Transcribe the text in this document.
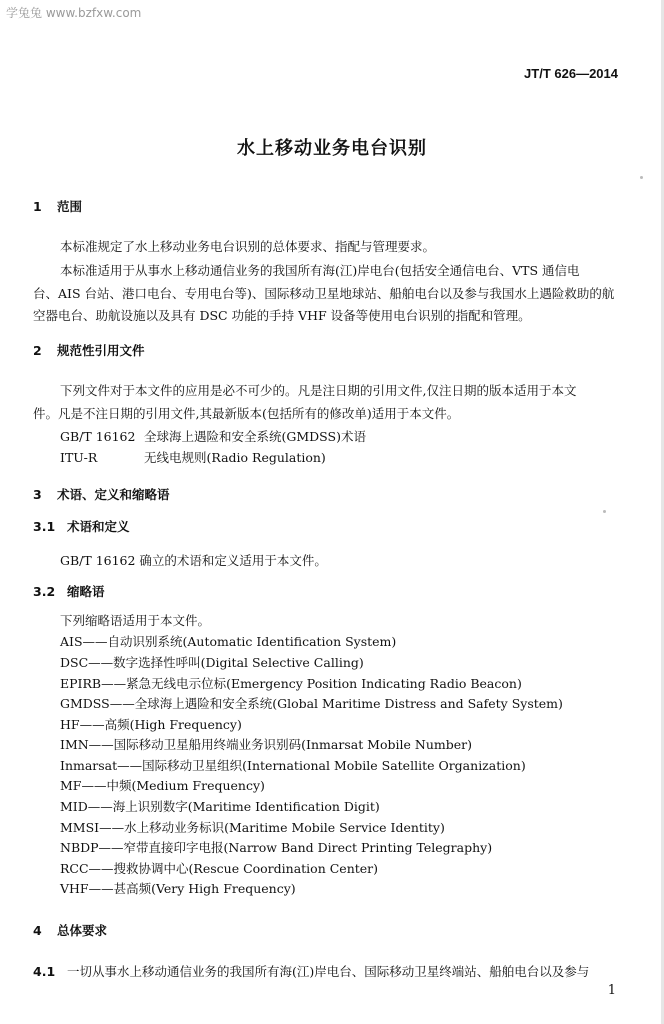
学兔兔 www.bzfxw.com
JT/T 626—2014
水上移动业务电台识别
1 范围
本标准规定了水上移动业务电台识别的总体要求、指配与管理要求。
本标准适用于从事水上移动通信业务的我国所有海(江)岸电台(包括安全通信电台、VTS 通信电
台、AIS 台站、港口电台、专用电台等)、国际移动卫星地球站、船舶电台以及参与我国水上遇险救助的航
空器电台、助航设施以及具有 DSC 功能的手持 VHF 设备等使用电台识别的指配和管理。
2 规范性引用文件
下列文件对于本文件的应用是必不可少的。凡是注日期的引用文件,仅注日期的版本适用于本文
件。凡是不注日期的引用文件,其最新版本(包括所有的修改单)适用于本文件。
GB/T 16162 全球海上遇险和安全系统(GMDSS)术语
ITU-R	无线电规则(Radio Regulation)
3 术语、定义和缩略语
3.1 术语和定义
GB/T 16162 确立的术语和定义适用于本文件。
3.2 缩略语
下列缩略语适用于本文件。
AIS——自动识别系统(Automatic Identification System)
DSC——数字选择性呼叫(Digital Selective Calling)
EPIRB——紧急无线电示位标(Emergency Position Indicating Radio Beacon)
GMDSS——全球海上遇险和安全系统(Global Maritime Distress and Safety System)
HF——高频(High Frequency)
IMN——国际移动卫星船用终端业务识别码(Inmarsat Mobile Number)
Inmarsat——国际移动卫星组织(International Mobile Satellite Organization)
MF——中频(Medium Frequency)
MID——海上识别数字(Maritime Identification Digit)
MMSI——水上移动业务标识(Maritime Mobile Service Identity)
NBDP——窄带直接印字电报(Narrow Band Direct Printing Telegraphy)
RCC——搜救协调中心(Rescue Coordination Center)
VHF——甚高频(Very High Frequency)
4 总体要求
4.1 一切从事水上移动通信业务的我国所有海(江)岸电台、国际移动卫星终端站、船舶电台以及参与
1
